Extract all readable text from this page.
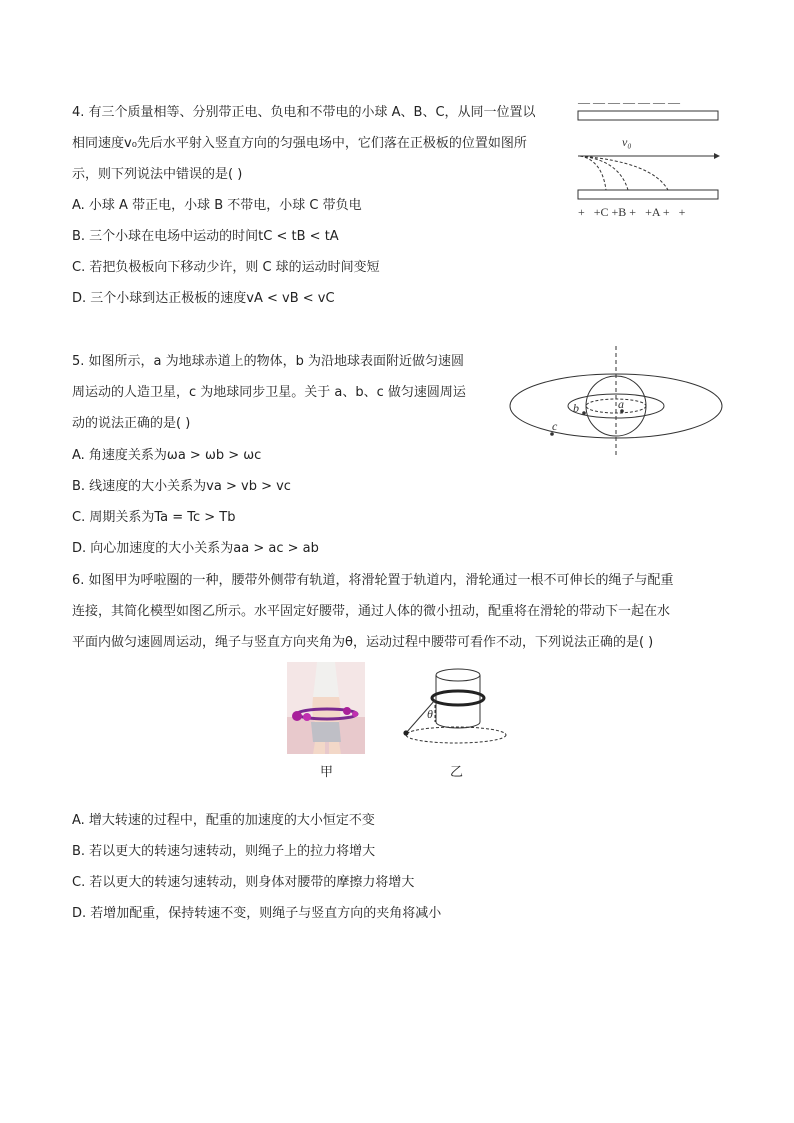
4. 有三个质量相等、分别带正电、负电和不带电的小球 A、B、C，从同一位置以
相同速度v₀先后水平射入竖直方向的匀强电场中，它们落在正极板的位置如图所
示，则下列说法中错误的是( )
A. 小球 A 带正电，小球 B 不带电，小球 C 带负电
B. 三个小球在电场中运动的时间tC < tB < tA
C. 若把负极板向下移动少许，则 C 球的运动时间变短
D. 三个小球到达正极板的速度vA < vB < vC
— — — — — — —
v₀
+   +C +B +   +A +   +
5. 如图所示，a 为地球赤道上的物体，b 为沿地球表面附近做匀速圆
周运动的人造卫星，c 为地球同步卫星。关于 a、b、c 做匀速圆周运
动的说法正确的是( )
A. 角速度关系为ωa > ωb > ωc
B. 线速度的大小关系为va > vb > vc
C. 周期关系为Ta = Tc > Tb
D. 向心加速度的大小关系为aa > ac > ab
a
b
c
6. 如图甲为呼啦圈的一种，腰带外侧带有轨道，将滑轮置于轨道内，滑轮通过一根不可伸长的绳子与配重
连接，其简化模型如图乙所示。水平固定好腰带，通过人体的微小扭动，配重将在滑轮的带动下一起在水
平面内做匀速圆周运动，绳子与竖直方向夹角为θ，运动过程中腰带可看作不动，下列说法正确的是( )
θ
甲	乙
A. 增大转速的过程中，配重的加速度的大小恒定不变
B. 若以更大的转速匀速转动，则绳子上的拉力将增大
C. 若以更大的转速匀速转动，则身体对腰带的摩擦力将增大
D. 若增加配重，保持转速不变，则绳子与竖直方向的夹角将减小
